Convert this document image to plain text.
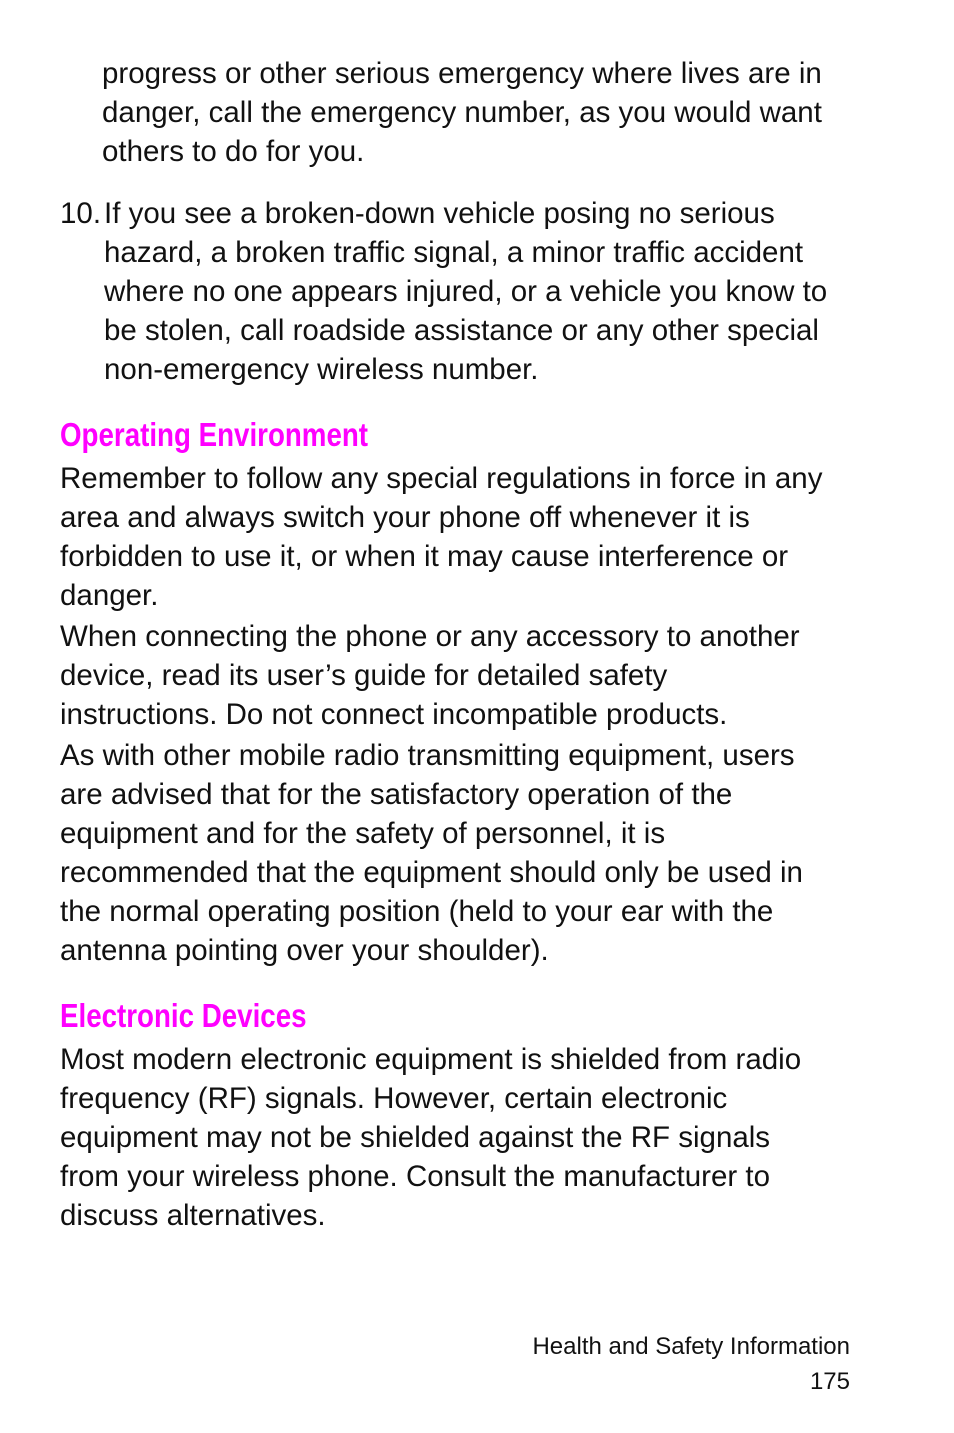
progress or other serious emergency where lives are in
danger, call the emergency number, as you would want
others to do for you.

10. If you see a broken-down vehicle posing no serious
hazard, a broken traffic signal, a minor traffic accident
where no one appears injured, or a vehicle you know to
be stolen, call roadside assistance or any other special
non-emergency wireless number.

Operating Environment

Remember to follow any special regulations in force in any
area and always switch your phone off whenever it is
forbidden to use it, or when it may cause interference or
danger.

When connecting the phone or any accessory to another
device, read its user’s guide for detailed safety
instructions. Do not connect incompatible products.

As with other mobile radio transmitting equipment, users
are advised that for the satisfactory operation of the
equipment and for the safety of personnel, it is
recommended that the equipment should only be used in
the normal operating position (held to your ear with the
antenna pointing over your shoulder).

Electronic Devices

Most modern electronic equipment is shielded from radio
frequency (RF) signals. However, certain electronic
equipment may not be shielded against the RF signals
from your wireless phone. Consult the manufacturer to
discuss alternatives.

Health and Safety Information
175
